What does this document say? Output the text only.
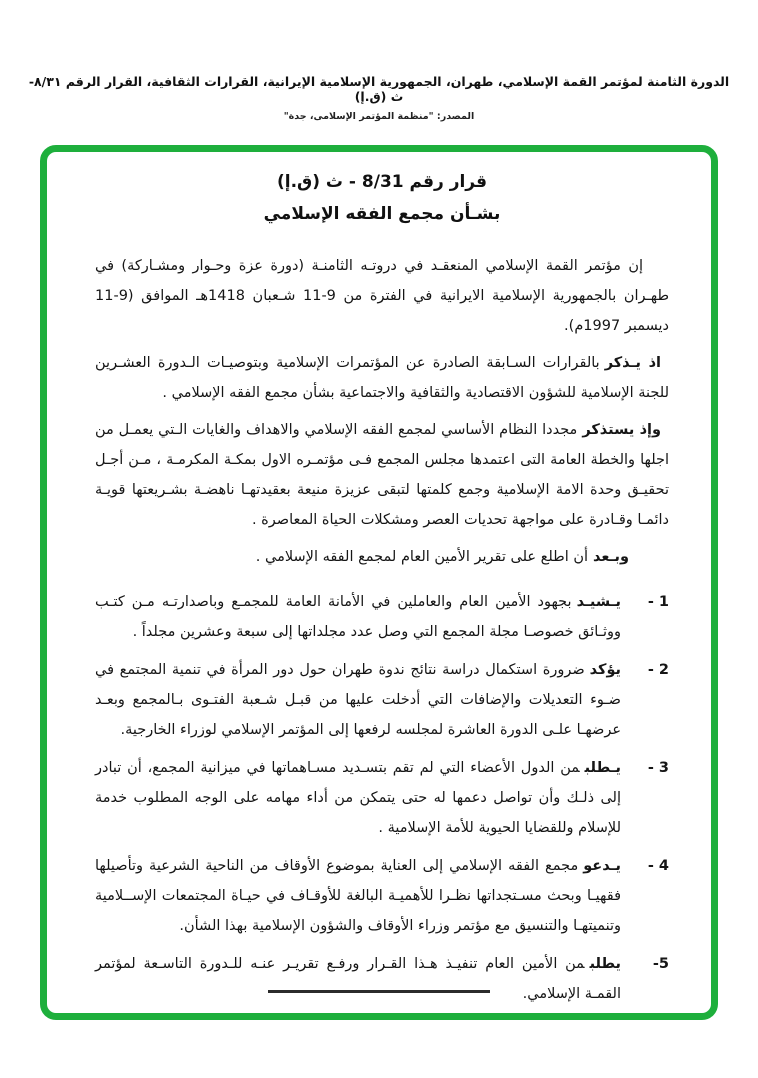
الدورة الثامنة لمؤتمر القمة الإسلامي، طهران، الجمهورية الإسلامية الإيرانية، القرارات الثقافية، القرار الرقم ٨/٣١-ث (ق.إ)
المصدر: "منظمة المؤتمر الإسلامى، جدة"
قرار رقم 8/31 - ث (ق.إ)
بشـأن مجمع الفقه الإسلامي

إن مؤتمر القمة الإسلامي المنعقـد في دروتـه الثامنـة (دورة عزة وحـوار ومشـاركة) في طهـران بالجمهورية الإسلامية الايرانية في الفترة من 9-11 شـعبان 1418هـ الموافق (9-11 ديسمبر 1997م).

اذ يـذكربالقرارات السـابقة الصادرة عن المؤتمرات الإسلامية وبتوصيـات الـدورة العشـرين للجنة الإسلامية للشؤون الاقتصادية والثقافية والاجتماعية بشأن مجمع الفقه الإسلامي .

وإذ يستذكرمجددا النظام الأساسي لمجمع الفقه الإسلامي والاهداف والغايات الـتي يعمـل من اجلها والخطة العامة التى اعتمدها مجلس المجمع فـى مؤتمـره الاول بمكـة المكرمـة ، مـن أجـل تحقيـق وحدة الامة الإسلامية وجمع كلمتها لتبقى عزيزة منيعة بعقيدتهـا ناهضـة بشـريعتها قويـة دائمـا وقـادرة على مواجهة تحديات العصر ومشكلات الحياة المعاصرة .

وبـعدأن اطلع على تقرير الأمين العام لمجمع الفقه الإسلامي .

1 -

يـشيـدبجهود الأمين العام والعاملين في الأمانة العامة للمجمـع وباصدارتـه مـن كتـب ووثـائق خصوصـا مجلة المجمع التي وصل عدد مجلداتها إلى سبعة وعشرين مجلداً .

2 -

يؤكدضرورة استكمال دراسة نتائج ندوة طهران حول دور المرأة في تنمية المجتمع في ضـوء التعديلات والإضافات التي أدخلت عليها من قبـل شـعبة الفتـوى بـالمجمع وبعـد عرضهـا علـى الدورة العاشرة لمجلسه لرفعها إلى المؤتمر الإسلامي لوزراء الخارجية.

3 -

يـطلبمن الدول الأعضاء التي لم تقم بتسـديد مسـاهماتها في ميزانية المجمع، أن تبادر إلى ذلـك وأن تواصل دعمها له حتى يتمكن من أداء مهامه على الوجه المطلوب خدمة للإسلام وللقضايا الحيوية للأمة الإسلامية .

4 -

يـدعومجمع الفقه الإسلامي إلى العناية بموضوع الأوقاف من الناحية الشرعية وتأصيلها فقهيـا وبحث مسـتجداتها نظـرا للأهميـة البالغة للأوقـاف في حيـاة المجتمعات الإســلامية وتنميتهـا والتنسيق مع مؤتمر وزراء الأوقاف والشؤون الإسلامية بهذا الشأن.

5-

يطلبمن الأمين العام تنفيـذ هـذا القـرار ورفـع تقريـر عنـه للـدورة التاسـعة لمؤتمر القمـة الإسلامي.
